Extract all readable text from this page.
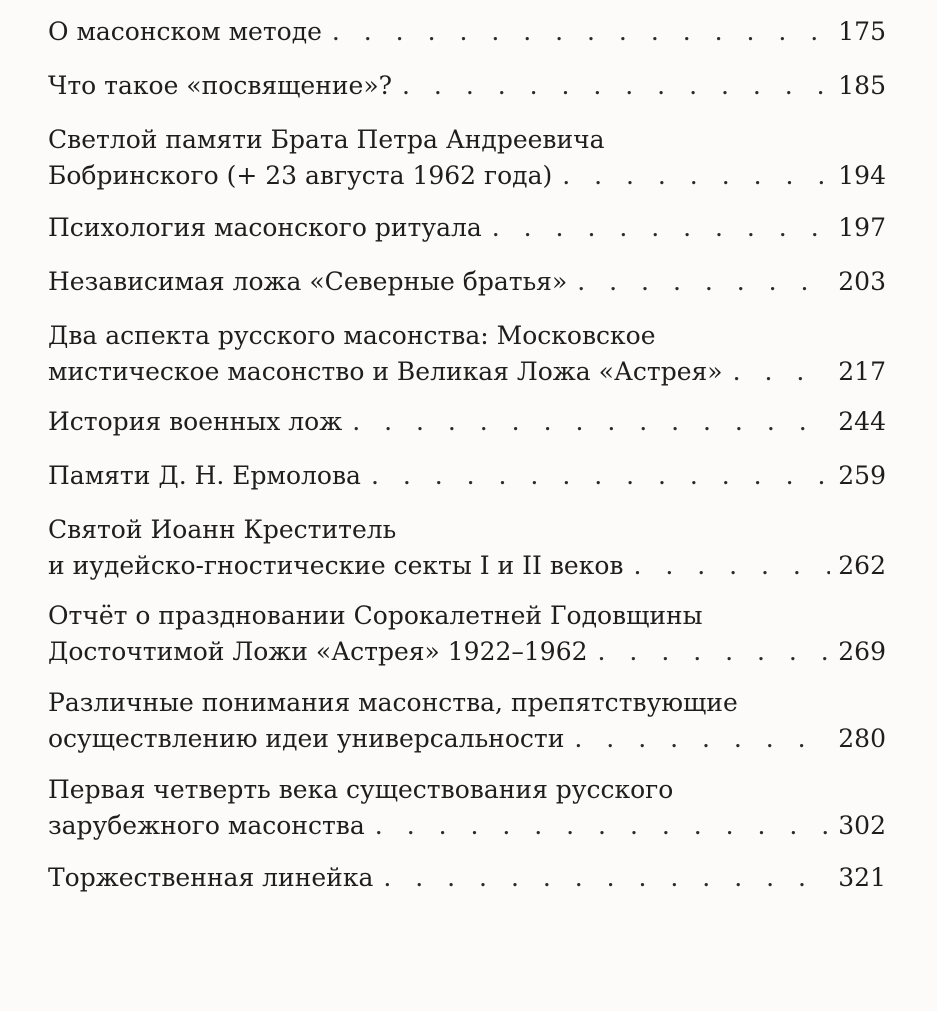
О масонском методе . . .	175
Что такое «посвящение»? . . .	185
Светлой памяти Брата Петра Андреевича
Бобринского (+ 23 августа 1962 года) . . .	194
Психология масонского ритуала . . .	197
Независимая ложа «Северные братья» . . .	203
Два аспекта русского масонства: Московское
мистическое масонство и Великая Ложа «Астрея» . . .	217
История военных лож . . .	244
Памяти Д. Н. Ермолова . . .	259
Святой Иоанн Креститель
и иудейско-гностические секты I и II веков . . .	262
Отчёт о праздновании Сорокалетней Годовщины
Досточтимой Ложи «Астрея» 1922–1962 . . .	269
Различные понимания масонства, препятствующие
осуществлению идеи универсальности . . .	280
Первая четверть века существования русского
зарубежного масонства . . .	302
Торжественная линейка . . .	321
